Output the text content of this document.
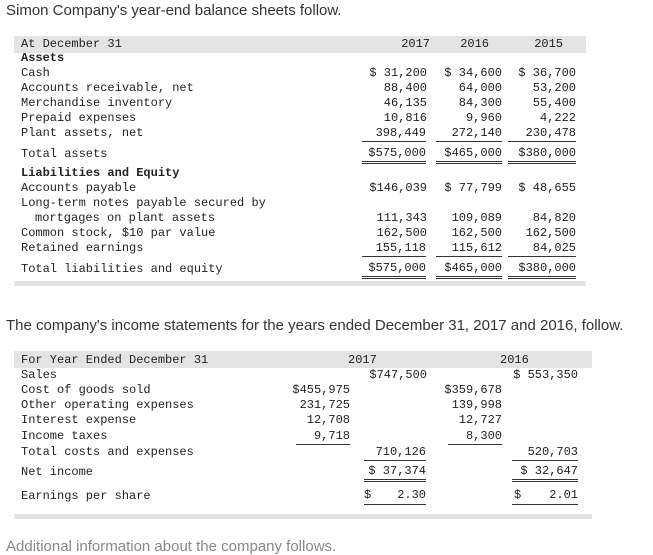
Simon Company's year-end balance sheets follow.
At December 31	2017	2016	2015
Assets
Cash	$ 31,200	$ 34,600	$ 36,700
Accounts receivable, net	88,400	64,000	53,200
Merchandise inventory	46,135	84,300	55,400
Prepaid expenses	10,816	9,960	4,222
Plant assets, net	398,449	272,140	230,478
Total assets	$575,000	$465,000	$380,000
Liabilities and Equity
Accounts payable	$146,039	$ 77,799	$ 48,655
Long-term notes payable secured by
mortgages on plant assets	111,343	109,089	84,820
Common stock, $10 par value	162,500	162,500	162,500
Retained earnings	155,118	115,612	84,025
Total liabilities and equity	$575,000	$465,000	$380,000
The company's income statements for the years ended December 31, 2017 and 2016, follow.
For Year Ended December 31	2017	2016
Sales	$747,500	$ 553,350
Cost of goods sold	$455,975	$359,678
Other operating expenses	231,725	139,998
Interest expense	12,708	12,727
Income taxes	9,718	8,300
Total costs and expenses	710,126	520,703
Net income	$ 37,374	$ 32,647
Earnings per share	$	2.30	$	2.01
Additional information about the company follows.
